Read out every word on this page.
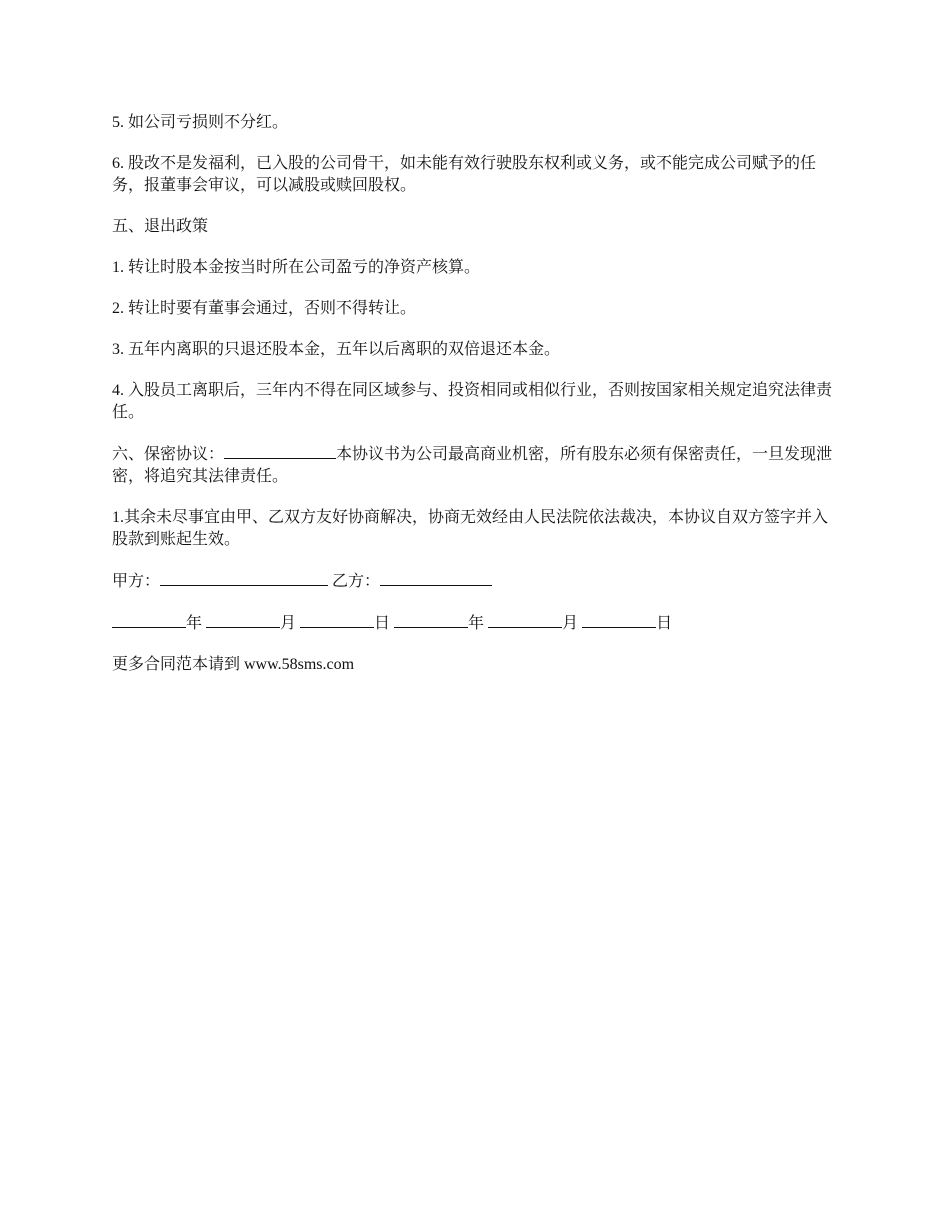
5. 如公司亏损则不分红。

6. 股改不是发福利，已入股的公司骨干，如未能有效行驶股东权利或义务，或不能完成公司赋予的任务，报董事会审议，可以减股或赎回股权。

五、退出政策

1. 转让时股本金按当时所在公司盈亏的净资产核算。

2. 转让时要有董事会通过，否则不得转让。

3. 五年内离职的只退还股本金，五年以后离职的双倍退还本金。

4. 入股员工离职后，三年内不得在同区域参与、投资相同或相似行业，否则按国家相关规定追究法律责任。

六、保密协议：	本协议书为公司最高商业机密，所有股东必须有保密责任，一旦发现泄密，将追究其法律责任。

1.其余未尽事宜由甲、乙双方友好协商解决，协商无效经由人民法院依法裁决，本协议自双方签字并入股款到账起生效。

甲方：	乙方：

年	月	日	年	月	日

更多合同范本请到 www.58sms.com
